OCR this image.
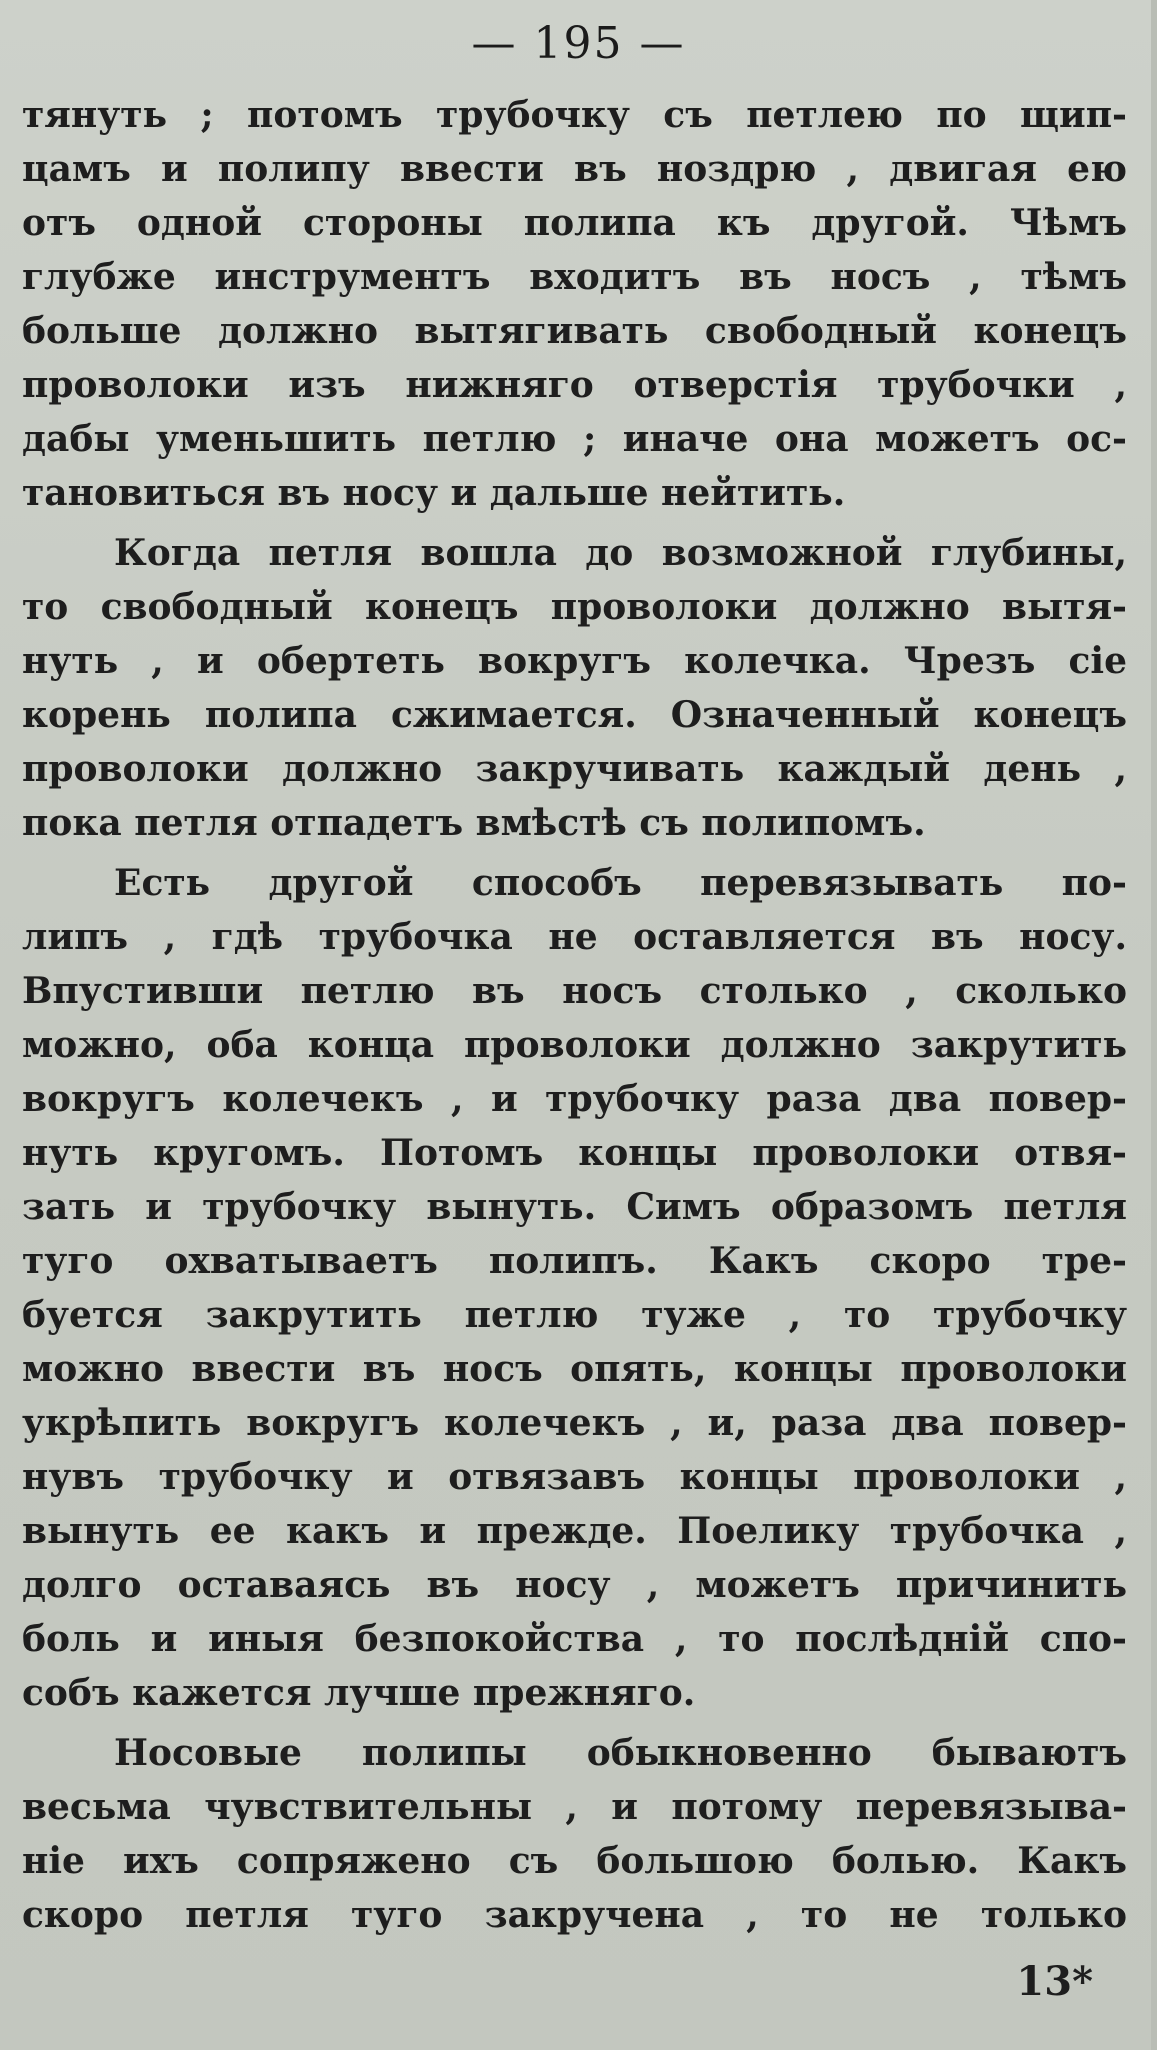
— 195 —
тянуть ; потомъ трубочку съ петлею по щип-
цамъ и полипу ввести въ ноздрю , двигая ею
отъ одной стороны полипа къ другой. Чѣмъ
глубже инструментъ входитъ въ носъ , тѣмъ
больше должно вытягивать свободный конецъ
проволоки изъ нижняго отверстія трубочки ,
дабы уменьшить петлю ; иначе она можетъ ос-
тановиться въ носу и дальше нейтить.
Когда петля вошла до возможной глубины,
то свободный конецъ проволоки должно вытя-
нуть , и обертеть вокругъ колечка. Чрезъ сіе
корень полипа сжимается. Означенный конецъ
проволоки должно закручивать каждый день ,
пока петля отпадетъ вмѣстѣ съ полипомъ.
Есть другой способъ перевязывать по-
липъ , гдѣ трубочка не оставляется въ носу.
Впустивши петлю въ носъ столько , сколько
можно, оба конца проволоки должно закрутить
вокругъ колечекъ , и трубочку раза два повер-
нуть кругомъ. Потомъ концы проволоки отвя-
зать и трубочку вынуть. Симъ образомъ петля
туго охватываетъ полипъ. Какъ скоро тре-
буется закрутить петлю туже , то трубочку
можно ввести въ носъ опять, концы проволоки
укрѣпить вокругъ колечекъ , и, раза два повер-
нувъ трубочку и отвязавъ концы проволоки ,
вынуть ее какъ и прежде. Поелику трубочка ,
долго оставаясь въ носу , можетъ причинить
боль и иныя безпокойства , то послѣдній спо-
собъ кажется лучше прежняго.
Носовые полипы обыкновенно бываютъ
весьма чувствительны , и потому перевязыва-
ніе ихъ сопряжено съ большою болью. Какъ
скоро петля туго закручена , то не только
13*
